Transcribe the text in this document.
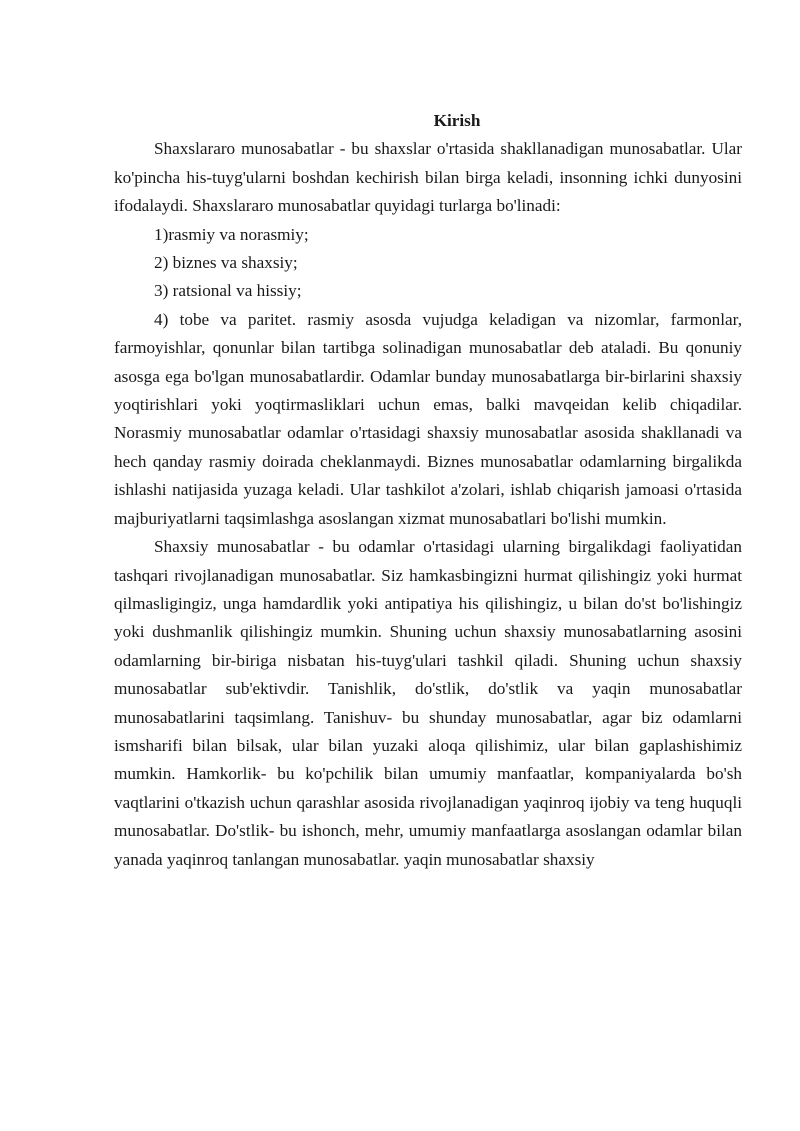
Kirish

Shaxslararo munosabatlar - bu shaxslar o'rtasida shakllanadigan munosabatlar. Ular ko'pincha his-tuyg'ularni boshdan kechirish bilan birga keladi, insonning ichki dunyosini ifodalaydi. Shaxslararo munosabatlar quyidagi turlarga bo'linadi:

1)rasmiy va norasmiy;

2) biznes va shaxsiy;

3) ratsional va hissiy;

4) tobe va paritet. rasmiy asosda vujudga keladigan va nizomlar, farmonlar, farmoyishlar, qonunlar bilan tartibga solinadigan munosabatlar deb ataladi. Bu qonuniy asosga ega bo'lgan munosabatlardir. Odamlar bunday munosabatlarga bir-birlarini shaxsiy yoqtirishlari yoki yoqtirmasliklari uchun emas, balki mavqeidan kelib chiqadilar. Norasmiy munosabatlar odamlar o'rtasidagi shaxsiy munosabatlar asosida shakllanadi va hech qanday rasmiy doirada cheklanmaydi. Biznes munosabatlar odamlarning birgalikda ishlashi natijasida yuzaga keladi. Ular tashkilot a'zolari, ishlab chiqarish jamoasi o'rtasida majburiyatlarni taqsimlashga asoslangan xizmat munosabatlari bo'lishi mumkin.

Shaxsiy munosabatlar - bu odamlar o'rtasidagi ularning birgalikdagi faoliyatidan tashqari rivojlanadigan munosabatlar. Siz hamkasbingizni hurmat qilishingiz yoki hurmat qilmasligingiz, unga hamdardlik yoki antipatiya his qilishingiz, u bilan do'st bo'lishingiz yoki dushmanlik qilishingiz mumkin. Shuning uchun shaxsiy munosabatlarning asosini odamlarning bir-biriga nisbatan his-tuyg'ulari tashkil qiladi. Shuning uchun shaxsiy munosabatlar sub'ektivdir. Tanishlik, do'stlik, do'stlik va yaqin munosabatlar munosabatlarini taqsimlang. Tanishuv- bu shunday munosabatlar, agar biz odamlarni ismsharifi bilan bilsak, ular bilan yuzaki aloqa qilishimiz, ular bilan gaplashishimiz mumkin. Hamkorlik- bu ko'pchilik bilan umumiy manfaatlar, kompaniyalarda bo'sh vaqtlarini o'tkazish uchun qarashlar asosida rivojlanadigan yaqinroq ijobiy va teng huquqli munosabatlar. Do'stlik- bu ishonch, mehr, umumiy manfaatlarga asoslangan odamlar bilan yanada yaqinroq tanlangan munosabatlar. yaqin munosabatlar shaxsiy
